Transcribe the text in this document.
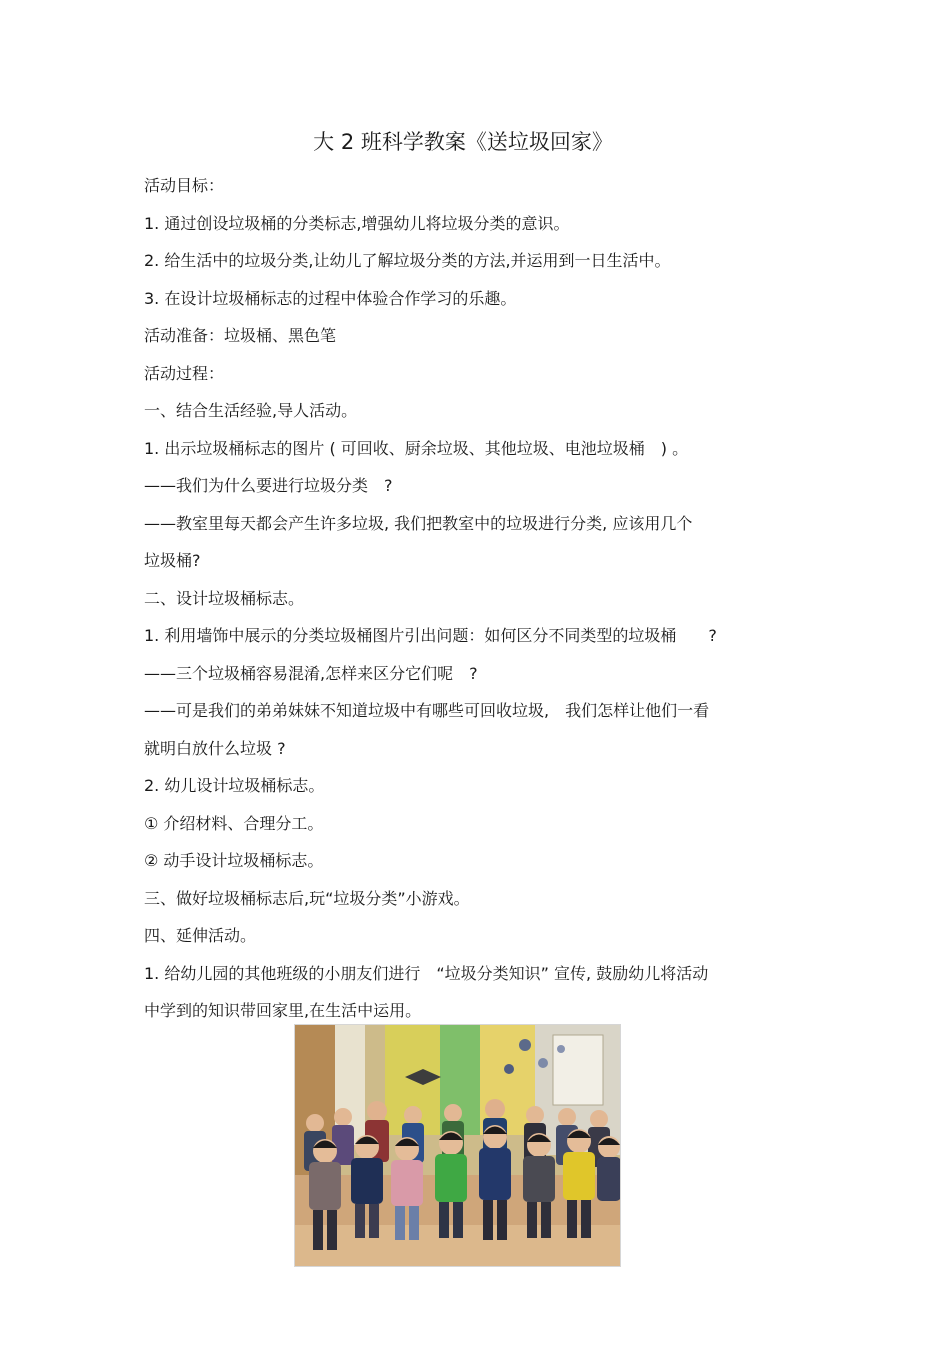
大 2 班科学教案《送垃圾回家》

活动目标：

1. 通过创设垃圾桶的分类标志,增强幼儿将垃圾分类的意识。

2. 给生活中的垃圾分类,让幼儿了解垃圾分类的方法,并运用到一日生活中。

3. 在设计垃圾桶标志的过程中体验合作学习的乐趣。

活动准备：垃圾桶、黑色笔

活动过程：

一、结合生活经验,导人活动。

1. 出示垃圾桶标志的图片 ( 可回收、厨余垃圾、其他垃圾、电池垃圾桶　) 。

——我们为什么要进行垃圾分类　?

——教室里每天都会产生许多垃圾, 我们把教室中的垃圾进行分类, 应该用几个

垃圾桶?

二、设计垃圾桶标志。

1. 利用墙饰中展示的分类垃圾桶图片引出问题：如何区分不同类型的垃圾桶　　?

——三个垃圾桶容易混淆,怎样来区分它们呢　?

——可是我们的弟弟妹妹不知道垃圾中有哪些可回收垃圾,　我们怎样让他们一看

就明白放什么垃圾 ?

2. 幼儿设计垃圾桶标志。

① 介绍材料、合理分工。

② 动手设计垃圾桶标志。

三、做好垃圾桶标志后,玩“垃圾分类”小游戏。

四、延伸活动。

1. 给幼儿园的其他班级的小朋友们进行　“垃圾分类知识” 宣传, 鼓励幼儿将活动

中学到的知识带回家里,在生活中运用。
